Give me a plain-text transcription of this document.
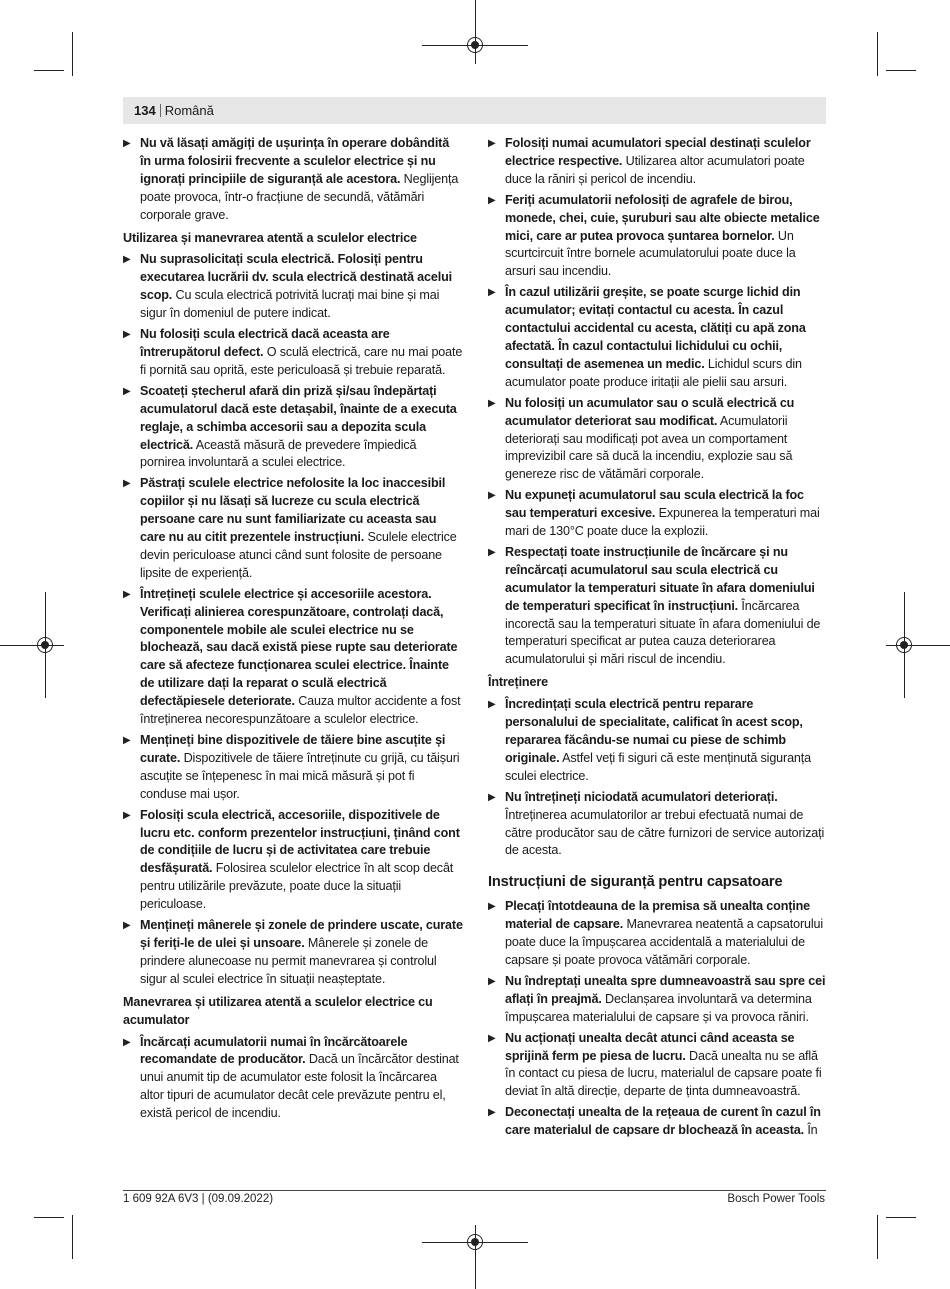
134 Română
▶ Nu vă lăsați amăgiți de ușurința în operare dobândită în urma folosirii frecvente a sculelor electrice și nu ignorați principiile de siguranță ale acestora. Neglijența poate provoca, într-o fracțiune de secundă, vătămări corporale grave.
Utilizarea și manevrarea atentă a sculelor electrice
▶ Nu suprasolicitați scula electrică. Folosiți pentru executarea lucrării dv. scula electrică destinată acelui scop. Cu scula electrică potrivită lucrați mai bine și mai sigur în domeniul de putere indicat.
▶ Nu folosiți scula electrică dacă aceasta are întrerupătorul defect. O sculă electrică, care nu mai poate fi pornită sau oprită, este periculoasă și trebuie reparată.
▶ Scoateți ștecherul afară din priză și/sau îndepărtați acumulatorul dacă este detașabil, înainte de a executa reglaje, a schimba accesorii sau a depozita scula electrică. Această măsură de prevedere împiedică pornirea involuntară a sculei electrice.
▶ Păstrați sculele electrice nefolosite la loc inaccesibil copiilor și nu lăsați să lucreze cu scula electrică persoane care nu sunt familiarizate cu aceasta sau care nu au citit prezentele instrucțiuni. Sculele electrice devin periculoase atunci când sunt folosite de persoane lipsite de experiență.
▶ Întrețineți sculele electrice și accesoriile acestora. Verificați alinierea corespunzătoare, controlați dacă, componentele mobile ale sculei electrice nu se blochează, sau dacă există piese rupte sau deteriorate care să afecteze funcționarea sculei electrice. Înainte de utilizare dați la reparat o sculă electrică defectăpiesele deteriorate. Cauza multor accidente a fost întreținerea necorespunzătoare a sculelor electrice.
▶ Mențineți bine dispozitivele de tăiere bine ascuțite și curate. Dispozitivele de tăiere întreținute cu grijă, cu tăișuri ascuțite se înțepenesc în mai mică măsură și pot fi conduse mai ușor.
▶ Folosiți scula electrică, accesoriile, dispozitivele de lucru etc. conform prezentelor instrucțiuni, ținând cont de condițiile de lucru și de activitatea care trebuie desfășurată. Folosirea sculelor electrice în alt scop decât pentru utilizările prevăzute, poate duce la situații periculoase.
▶ Mențineți mânerele și zonele de prindere uscate, curate și feriți-le de ulei și unsoare. Mânerele și zonele de prindere alunecoase nu permit manevrarea și controlul sigur al sculei electrice în situații neașteptate.
Manevrarea și utilizarea atentă a sculelor electrice cu acumulator
▶ Încărcați acumulatorii numai în încărcătoarele recomandate de producător. Dacă un încărcător destinat unui anumit tip de acumulator este folosit la încărcarea altor tipuri de acumulator decât cele prevăzute pentru el, există pericol de incendiu.
▶ Folosiți numai acumulatori special destinați sculelor electrice respective. Utilizarea altor acumulatori poate duce la răniri și pericol de incendiu.
▶ Feriți acumulatorii nefolosiți de agrafele de birou, monede, chei, cuie, șuruburi sau alte obiecte metalice mici, care ar putea provoca șuntarea bornelor. Un scurtcircuit între bornele acumulatorului poate duce la arsuri sau incendiu.
▶ În cazul utilizării greșite, se poate scurge lichid din acumulator; evitați contactul cu acesta. În cazul contactului accidental cu acesta, clătiți cu apă zona afectată. În cazul contactului lichidului cu ochii, consultați de asemenea un medic. Lichidul scurs din acumulator poate produce iritații ale pielii sau arsuri.
▶ Nu folosiți un acumulator sau o sculă electrică cu acumulator deteriorat sau modificat. Acumulatorii deteriorați sau modificați pot avea un comportament imprevizibil care să ducă la incendiu, explozie sau să genereze risc de vătămări corporale.
▶ Nu expuneți acumulatorul sau scula electrică la foc sau temperaturi excesive. Expunerea la temperaturi mai mari de 130°C poate duce la explozii.
▶ Respectați toate instrucțiunile de încărcare și nu reîncărcați acumulatorul sau scula electrică cu acumulator la temperaturi situate în afara domeniului de temperaturi specificat în instrucțiuni. Încărcarea incorectă sau la temperaturi situate în afara domeniului de temperaturi specificat ar putea cauza deteriorarea acumulatorului și mări riscul de incendiu.
Întreținere
▶ Încredințați scula electrică pentru reparare personalului de specialitate, calificat în acest scop, repararea făcându-se numai cu piese de schimb originale. Astfel veți fi siguri că este menținută siguranța sculei electrice.
▶ Nu întrețineți niciodată acumulatori deteriorați. Întreținerea acumulatorilor ar trebui efectuată numai de către producător sau de către furnizori de service autorizați de acesta.
Instrucțiuni de siguranță pentru capsatoare
▶ Plecați întotdeauna de la premisa să unealta conține material de capsare. Manevrarea neatentă a capsatorului poate duce la împușcarea accidentală a materialului de capsare și poate provoca vătămări corporale.
▶ Nu îndreptați unealta spre dumneavoastră sau spre cei aflați în preajmă. Declanșarea involuntară va determina împușcarea materialului de capsare și va provoca răniri.
▶ Nu acționați unealta decât atunci când aceasta se sprijină ferm pe piesa de lucru. Dacă unealta nu se află în contact cu piesa de lucru, materialul de capsare poate fi deviat în altă direcție, departe de ținta dumneavoastră.
▶ Deconectați unealta de la rețeaua de curent în cazul în care materialul de capsare dr blochează în aceasta. În
1 609 92A 6V3 | (09.09.2022)	Bosch Power Tools
